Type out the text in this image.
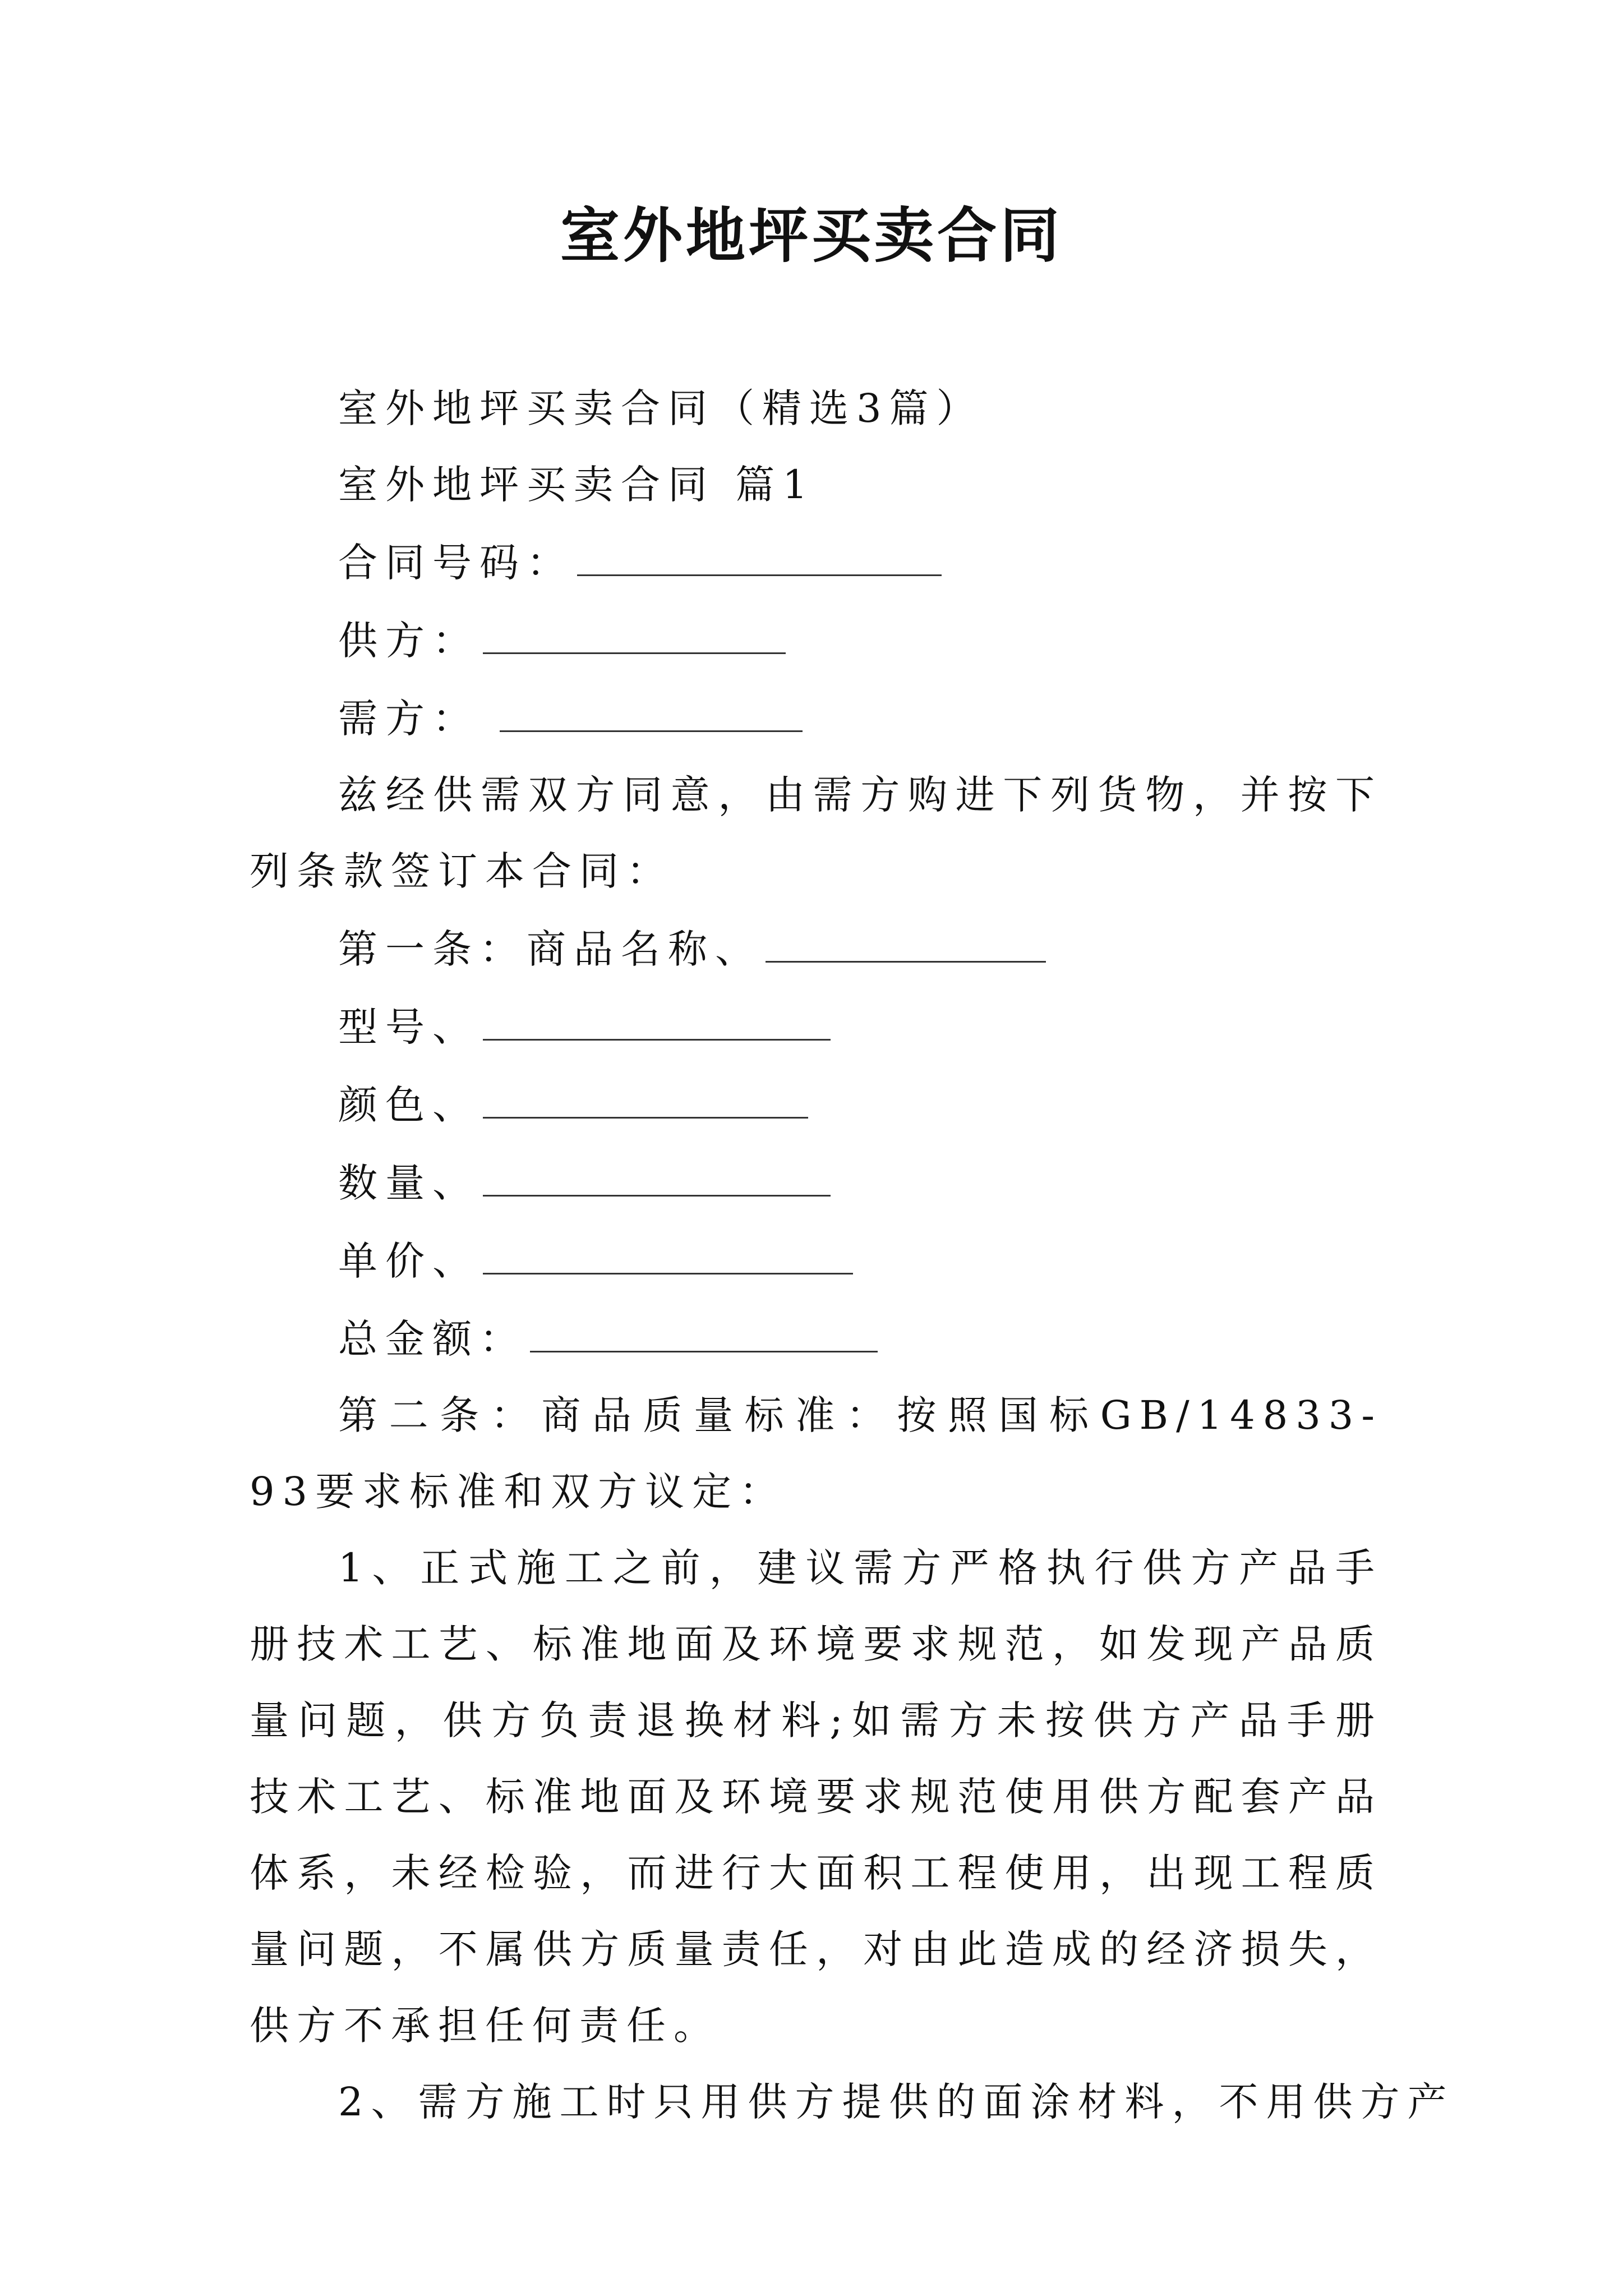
室外地坪买卖合同

室外地坪买卖合同（精选3篇）

室外地坪买卖合同 篇1

合同号码：

供方：

需方：

兹经供需双方同意，由需方购进下列货物，并按下列条款签订本合同：

第一条：商品名称、

型号、

颜色、

数量、

单价、

总金额：

第二条：商品质量标准：按照国标GB/14833-93要求标准和双方议定：

1、正式施工之前，建议需方严格执行供方产品手册技术工艺、标准地面及环境要求规范，如发现产品质量问题，供方负责退换材料;如需方未按供方产品手册技术工艺、标准地面及环境要求规范使用供方配套产品体系，未经检验，而进行大面积工程使用，出现工程质量问题，不属供方质量责任，对由此造成的经济损失，供方不承担任何责任。

2、需方施工时只用供方提供的面涂材料，不用供方产
